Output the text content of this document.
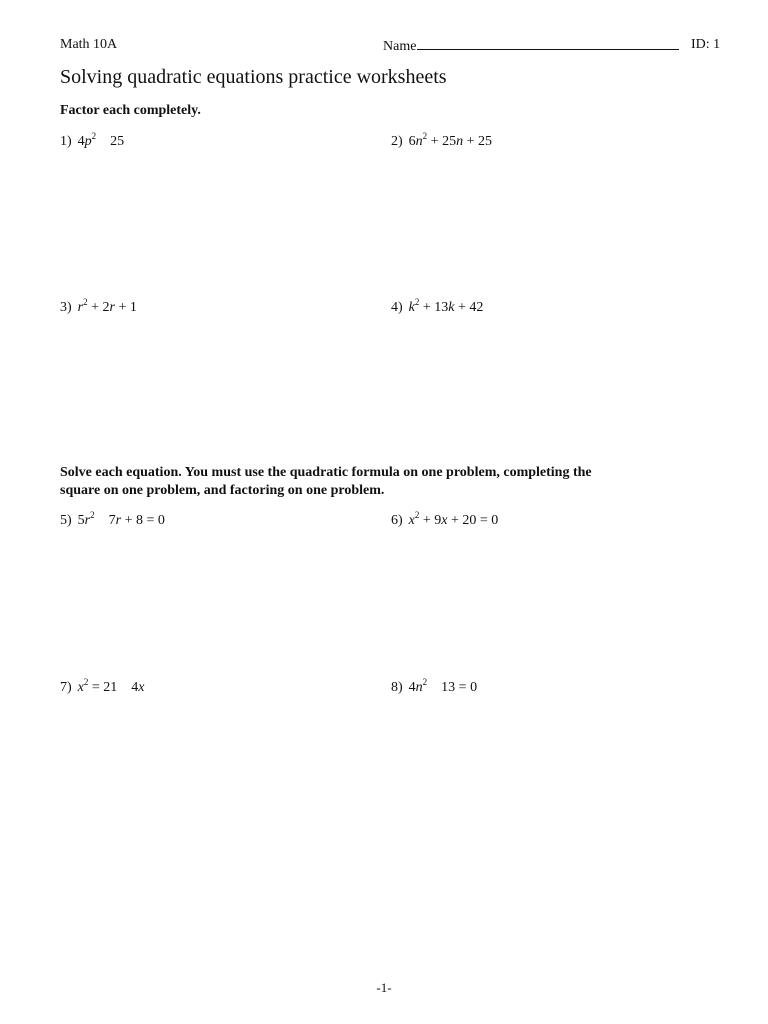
Math 10A	Name	ID: 1
Solving quadratic equations practice worksheets
Factor each completely.
1) $4p^2$    25	2) $6n^2 + 25n + 25$
3) $r^2 + 2r + 1$	4) $k^2 + 13k + 42$
Solve each equation. You must use the quadratic formula on one problem, completing the
square on one problem, and factoring on one problem.
5) $5r^2$    7r + 8 = 0	6) $x^2 + 9x + 20 = 0$
7) $x^2 = 21$    4x	8) $4n^2$    13 = 0
-1-
